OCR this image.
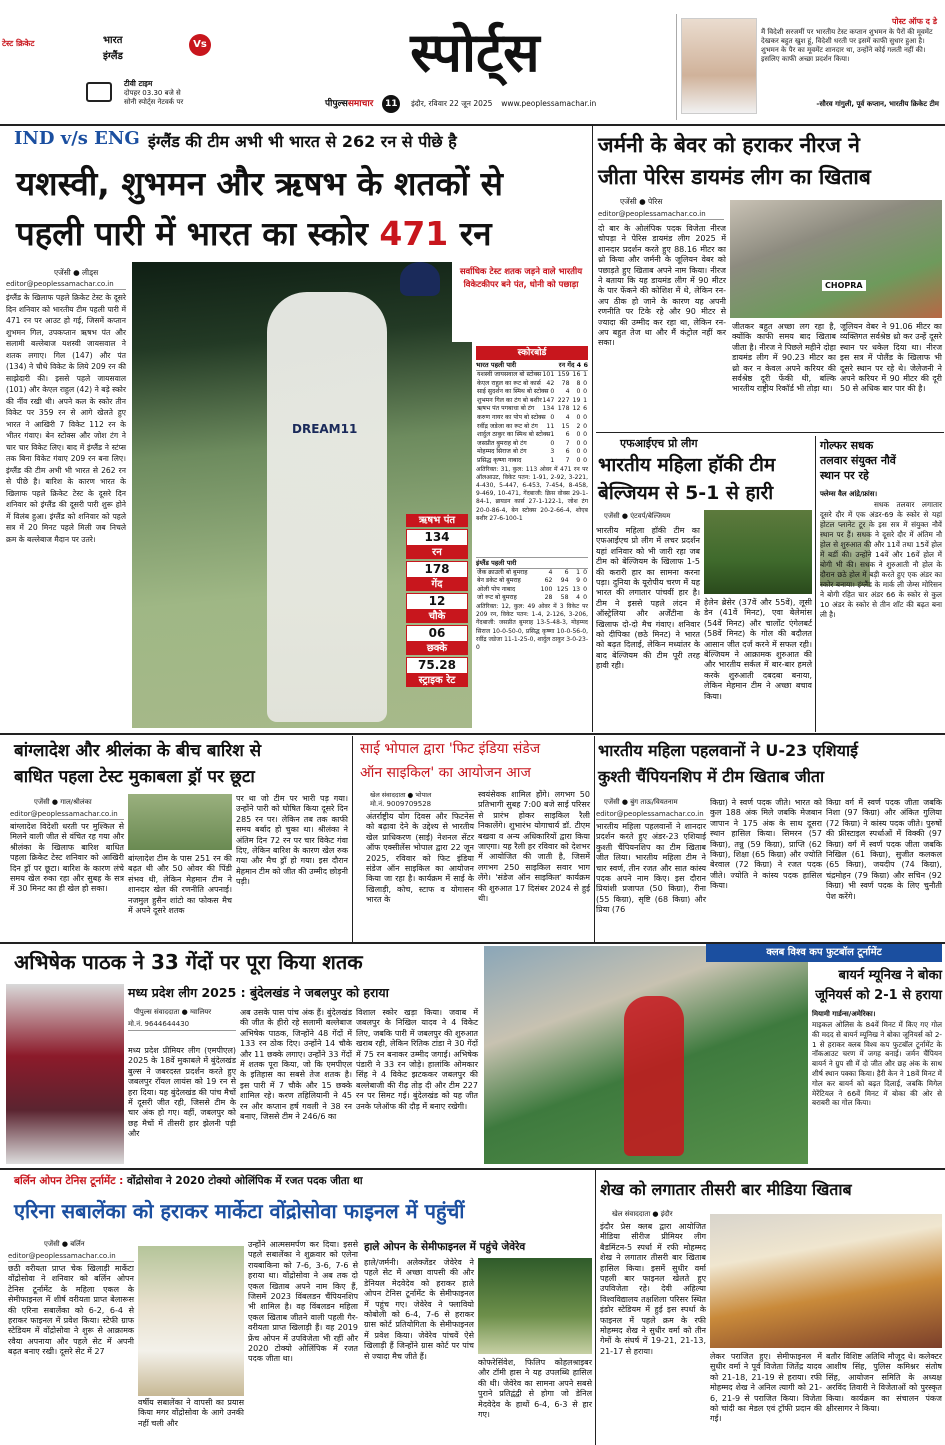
टेस्ट क्रिकेट	भारत
इंग्लैंड
Vs
टीवी टाइम
दोपहर 03.30 बजे से
सोनी स्पोर्ट्स नेटवर्क पर
स्पोर्ट्स
पीपुल्ससमाचार 11 इंदौर, रविवार 22 जून 2025 www.peoplessamachar.in
पोस्ट ऑफ द डे
मैं विदेशी सरजमीं पर भारतीय टेस्ट कप्तान शुभमन के पैरों की मूवमेंट देखकर बहुत खुश हूं, विदेशी धरती पर इसमें काफी सुधार हुआ है। शुभमन के पैर का मूवमेंट शानदार था, उन्होंने कोई गलती नहीं की। इसलिए काफी अच्छा प्रदर्शन किया।
-सौरव गांगुली, पूर्व कप्तान, भारतीय क्रिकेट टीम
IND v/s ENG इंग्लैंड की टीम अभी भी भारत से 262 रन से पीछे है
यशस्वी, शुभमन और ऋषभ के शतकों से
पहली पारी में भारत का स्कोर 471 रन
एजेंसी ● लीड्स
editor@peoplessamachar.co.in
इंग्लैंड के खिलाफ पहले क्रिकेट टेस्ट के दूसरे दिन शनिवार को भारतीय टीम पहली पारी में 471 रन पर आउट हो गई, जिसमें कप्तान शुभमन गिल, उपकप्तान ऋषभ पंत और सलामी बल्लेबाज यशस्वी जायसवाल ने शतक लगाए। गिल (147) और पंत (134) ने चौथे विकेट के लिये 209 रन की साझेदारी की। इससे पहले जायसवाल (101) और केएल राहुल (42) ने बड़े स्कोर की नींव रखी थी। अपने कल के स्कोर तीन विकेट पर 359 रन से आगे खेलते हुए भारत ने आखिरी 7 विकेट 112 रन के भीतर गंवाए। बेन स्टोक्स और जोश टंग ने चार चार विकेट लिए। बाद में इंग्लैंड ने स्टंप्स तक बिना विकेट गंवाए 209 रन बना लिए। इंग्लैंड की टीम अभी भी भारत से 262 रन से पीछे है। बारिश के कारण भारत के खिलाफ पहले क्रिकेट टेस्ट के दूसरे दिन शनिवार को इंग्लैंड की दूसरी पारी शुरू होने में विलंब हुआ। इंग्लैंड को शनिवार को पहले सत्र में 20 मिनट पहले मिली जब निचले क्रम के बल्लेबाज मैदान पर उतरे।
DREAM11
सर्वाधिक टेस्ट शतक जड़ने वाले भारतीय विकेटकीपर बने पंत, धोनी को पछाड़ा
ऋषभ पंत
134
रन
178
गेंद
12
चौके
06
छक्के
75.28
स्ट्राइक रेट
स्कोरबोर्ड
भारत पहली पारी	रन गेंद 4 6
यशस्वी जायसवाल बो स्टोक्स	101	159	16	1
केएल राहुल का रूट बो कार्स	42	78	8	0
साई सुदर्शन का स्मिथ बो स्टोक्स	0	4	0	0
शुभमन गिल का टंग बो बशीर	147	227	19	1
ऋषभ पंत पगबाधा बो टंग	134	178	12	6
करुण नायर का पोप बो स्टोक्स	0	4	0	0
रवींद्र जडेजा का रूट बो टंग	11	15	2	0
शार्दुल ठाकुर का स्मिथ बो स्टोक्स	1	6	0	0
जसप्रीत बुमराह बो टंग	0	7	0	0
मोहम्मद सिराज बो टंग	3	6	0	0
प्रसिद्ध कृष्णा नाबाद	1	7	0	0
अतिरिक्त: 31, कुल: 113 ओवर में 471 रन पर ऑलआउट, विकेट पतन: 1-91, 2-92, 3-221, 4-430, 5-447, 6-453, 7-454, 8-458, 9-469, 10-471, गेंदबाजी: क्रिस वोक्स 29-1-84-1, ब्रायडन कार्स 27-1-122-1, जोश टंग 20-0-86-4, बेन स्टोक्स 20-2-66-4, शोएब बशीर 27-6-100-1
इंग्लैंड पहली पारी
जैक क्राउली बो बुमराह	4	6	1	0
बेन डकेट बो बुमराह	62	94	9	0
ओली पोप नाबाद	100	125	13	0
जो रूट बो बुमराह	28	58	4	0
अतिरिक्त: 12, कुल: 49 ओवर में 3 विकेट पर 209 रन, विकेट पतन: 1-4, 2-126, 3-206, गेंदबाजी: जसप्रीत बुमराह 13-5-48-3, मोहम्मद सिराज 10-0-50-0, प्रसिद्ध कृष्णा 10-0-56-0, रवींद्र जडेजा 11-1-25-0, शार्दुल ठाकुर 3-0-23-0
जर्मनी के बेवर को हराकर नीरज ने
जीता पेरिस डायमंड लीग का खिताब
एजेंसी ● पेरिस
editor@peoplessamachar.co.in
दो बार के ओलंपिक पदक विजेता नीरज चोपड़ा ने पेरिस डायमंड लीग 2025 में शानदार प्रदर्शन करते हुए 88.16 मीटर का थ्रो किया और जर्मनी के जूलियन वेबर को पछाड़ते हुए खिताब अपने नाम किया। नीरज ने बताया कि यह डायमंड लीग में 90 मीटर के पार फेंकने की कोशिश में थे, लेकिन रन-अप ठीक हो जाने के कारण यह अपनी रणनीति पर टिके रहे और 90 मीटर से ज्यादा की उम्मीद कर रहा था, लेकिन रन-अप बहुत तेज था और मैं कंट्रोल नहीं कर सका।
CHOPRA
जीतकर बहुत अच्छा लग रहा है, क्योंकि काफी समय बाद खिताब जीता है। नीरज ने पिछले महीने दोहा डायमंड लीग में 90.23 मीटर का थ्रो कर न केवल अपने करियर की सर्वश्रेष्ठ दूरी फेंकी थी, बल्कि भारतीय राष्ट्रीय रिकॉर्ड भी तोड़ा था।
जूलियन वेबर ने 91.06 मीटर का व्यक्तिगत सर्वश्रेष्ठ थ्रो कर उन्हें दूसरे स्थान पर धकेल दिया था। नीरज इस सत्र में पोलैंड के खिलाफ भी दूसरे स्थान पर रहे थे। जेलेजनी ने अपने करियर में 90 मीटर की दूरी 50 से अधिक बार पार की है।
एफआईएच प्रो लीग
भारतीय महिला हॉकी टीम
बेल्जियम से 5-1 से हारी
एजेंसी ● एंटवर्प/बेल्जियम
भारतीय महिला हॉकी टीम का एफआईएच प्रो लीग में लचर प्रदर्शन यहां शनिवार को भी जारी रहा जब टीम को बेल्जियम के खिलाफ 1-5 की करारी हार का सामना करना पड़ा। दुनिया के यूरोपीय चरण में यह भारत की लगातार पांचवीं हार है। टीम ने इससे पहले लंदन में ऑस्ट्रेलिया और अर्जेंटीना के खिलाफ दो-दो मैच गंवाए। शनिवार को दीपिका (छठे मिनट) ने भारत को बढ़त दिलाई, लेकिन मध्यांतर के बाद बेल्जियम की टीम पूरी तरह हावी रही।
हेलेन ब्रेसेर (37वें और 55वें), लूसी डेन (41वें मिनट), एवा बेलेमांस (54वें मिनट) और चार्लोट एंगेलबर्ट (58वें मिनट) के गोल की बदौलत आसान जीत दर्ज करने में सफल रही। बेल्जियम ने आक्रामक शुरुआत की और भारतीय सर्कल में बार-बार हमले करके शुरुआती दबदबा बनाया, लेकिन मेहमान टीम ने अच्छा बचाव किया।
गोल्फर सधक
तलवार संयुक्त नौवें
स्थान पर रहे
फ्लेम्स वैल आंद्रे/फ्रांस।
सधक तलवार लगातार दूसरे दौर में एक अंडर-69 के स्कोर से यहां होटल प्लानेट टूर के इस सत्र में संयुक्त नौवें स्थान पर हैं। सधक ने दूसरे दौर में अंतिम नौ होल से शुरुआत की और 11वें तथा 15वें होल में बर्डी की। उन्होंने 14वें और 16वें होल में बोगी भी की। सधक ने शुरुआती नौ होल के दौरान छठे होल में बड़ी करते हुए एक अंडर का स्कोर बनाया। इंग्लैंड के मार्क ली जेम्स मोरिसन ने बोगी रहित चार अंडर 66 के स्कोर से कुल 10 अंडर के स्कोर से तीन शॉट की बढ़त बना ली है।
बांग्लादेश और श्रीलंका के बीच बारिश से
बाधित पहला टेस्ट मुकाबला ड्रॉ पर छूटा
एजेंसी ● गाल/श्रीलंका
editor@peoplessamachar.co.in
बांग्लादेश विदेशी धरती पर मुश्किल से मिलने वाली जीत से वंचित रह गया और श्रीलंका के खिलाफ बारिश बाधित पहला क्रिकेट टेस्ट शनिवार को आखिरी दिन ड्रॉ पर छूटा। बारिश के कारण लंचे समय खेल रुका रहा और सुबह के सत्र में 30 मिनट का ही खेल हो सका।
बांग्लादेश टीम के पास 251 रन की बढ़त थी और 50 ओवर की पिंडी संभव थी, लेकिन मेहमान टीम ने शानदार खेल की रणनीति अपनाई। नजमुल हुसैन शांटो का फोकस मैच में अपने दूसरे शतक
पर था जो टीम पर भारी पड़ गया। उन्होंने पारी को घोषित किया दूसरे दिन 285 रन पर। लेकिन तब तक काफी समय बर्बाद हो चुका था। श्रीलंका ने अंतिम दिन 72 रन पर चार विकेट गंवा दिए, लेकिन बारिश के कारण खेल रुक गया और मैच ड्रॉ हो गया। इस दौरान मेहमान टीम को जीत की उम्मीद छोड़नी पड़ी।
साई भोपाल द्वारा 'फिट इंडिया संडेज
ऑन साइकिल' का आयोजन आज
खेल संवाददाता ● भोपाल
मो.नं. 9009709528
अंतर्राष्ट्रीय योग दिवस और फिटनेस को बढ़ावा देने के उद्देश्य से भारतीय खेल प्राधिकरण (साई) नेशनल सेंटर ऑफ एक्सीलेंस भोपाल द्वारा 22 जून 2025, रविवार को फिट इंडिया संडेज ऑन साइकिल का आयोजन किया जा रहा है। कार्यक्रम में साई के खिलाड़ी, कोच, स्टाफ व योगासन भारत के
स्वयंसेवक शामिल होंगे। लगभग 50 प्रतिभागी सुबह 7:00 बजे साई परिसर से प्रारंभ होकर साइकिल रैली निकालेंगे। शुभारंभ योगाचार्य डॉ. टीएम बखवा व अन्य अधिकारियों द्वारा किया जाएगा। यह रैली हर रविवार को देशभर में आयोजित की जाती है, जिसमें लगभग 250 साइकिल सवार भाग लेंगे। 'संडेज ऑन साइकिल' कार्यक्रम की शुरुआत 17 दिसंबर 2024 से हुई थी।
भारतीय महिला पहलवानों ने U-23 एशियाई
कुश्ती चैंपियनशिप में टीम खिताब जीता
एजेंसी ● बुंग ताऊ/वियतनाम
editor@peoplessamachar.co.in
भारतीय महिला पहलवानों ने शानदार प्रदर्शन करते हुए अंडर-23 एशियाई कुश्ती चैंपियनशिप का टीम खिताब जीत लिया। भारतीय महिला टीम ने चार स्वर्ण, तीन रजत और सात कांस्य पदक अपने नाम किए। इस दौरान प्रियांशी प्रजापत (50 किग्रा), रीना (55 किग्रा), सृष्टि (68 किग्रा) और प्रिया (76
किग्रा) ने स्वर्ण पदक जीते। भारत को कुल 188 अंक मिले जबकि मेजबान जापान ने 175 अंक के साथ दूसरा स्थान हासिल किया। सिमरन (57 किग्रा), तन्नु (59 किग्रा), प्राप्ति (62 किग्रा), शिक्षा (65 किग्रा) और ज्योति बेरवाल (72 किग्रा) ने रजत पदक जीते। ज्योति ने कांस्य पदक हासिल किया।
किग्रा वर्ग में स्वर्ण पदक जीता जबकि निशा (97 किग्रा) और अंकित गुलिया (72 किग्रा) ने कांस्य पदक जीते। पुरुषों की फ्रीस्टाइल स्पर्धाओं में विक्की (97 किग्रा) वर्ग में स्वर्ण पदक जीता जबकि निखिल (61 किग्रा), सुजीत कलकल (65 किग्रा), जयदीप (74 किग्रा), चंद्रमोहन (79 किग्रा) और सचिन (92 किग्रा) भी स्वर्ण पदक के लिए चुनौती पेश करेंगे।
अभिषेक पाठक ने 33 गेंदों पर पूरा किया शतक
मध्य प्रदेश लीग 2025 : बुंदेलखंड ने जबलपुर को हराया
पीपुल्स संवाददाता ● ग्वालियर
मो.नं. 9644644430
मध्य प्रदेश प्रीमियर लीग (एमपीएल) 2025 के 18वें मुकाबले में बुंदेलखंड बुल्स ने जबरदस्त प्रदर्शन करते हुए जबलपुर रॉयल लायंस को 19 रन से हरा दिया। यह बुंदेलखंड की पांच मैचों में दूसरी जीत रही, जिससे टीम के चार अंक हो गए। वहीं, जबलपुर को छह मैचों में तीसरी हार झेलनी पड़ी और
अब उसके पास पांच अंक हैं। बुंदेलखंड की जीत के हीरो रहे सलामी बल्लेबाज अभिषेक पाठक, जिन्होंने 48 गेंदों में 133 रन ठोक दिए। उन्होंने 14 चौके और 11 छक्के लगाए। उन्होंने 33 गेंदों में शतक पूरा किया, जो कि एमपीएल के इतिहास का सबसे तेज शतक है। इस पारी में 7 चौके और 15 छक्के शामिल रहे। करण तहिलियानी ने 45 रन और कप्तान हर्ष गवली ने 38 रन बनाए, जिससे टीम ने 246/6 का
विशाल स्कोर खड़ा किया। जवाब में जबलपुर के निखिल यादव ने 4 विकेट लिए, जबकि पारी में जबलपुर की शुरुआत खराब रही, लेकिन रितिक टांडा ने 30 गेंदों में 75 रन बनाकर उम्मीद जगाई। अभिषेक पंडारी ने 33 रन जोड़े। हालांकि ओमकार सिंह ने 4 विकेट झटककर जबलपुर की बल्लेबाजी की रीढ़ तोड़ दी और टीम 227 रन पर सिमट गई। बुंदेलखंड को यह जीत उनके प्लेऑफ की दौड़ में बनाए रखेगी।
क्लब विश्व कप फुटबॉल टूर्नामेंट
बायर्न म्यूनिख ने बोका
जूनियर्स को 2-1 से हराया
मियामी गार्डन्स/अमेरिका।
माइकल ओलिस के 84वें मिनट में किए गए गोल की मदद से बायर्न म्यूनिख ने बोका जूनियर्स को 2-1 से हराकर क्लब विश्व कप फुटबॉल टूर्नामेंट के नॉकआउट चरण में जगह बनाई। जर्मन चैंपियन बायर्न ने ग्रुप सी में दो जीत और छह अंक के साथ शीर्ष स्थान पक्का किया। हैरी केन ने 18वें मिनट में गोल कर बायर्न को बढ़त दिलाई, जबकि मिगेल मेरेंटियल ने 66वें मिनट में बोका की ओर से बराबरी का गोल किया।
बर्लिन ओपन टेनिस टूर्नामेंट : वोंद्रोसोवा ने 2020 टोक्यो ओलिंपिक में रजत पदक जीता था
एरिना सबालेंका को हराकर मार्केटा वोंद्रोसोवा फाइनल में पहुंचीं
एजेंसी ● बर्लिन
editor@peoplessamachar.co.in
छठी वरीयता प्राप्त चेक खिलाड़ी मार्केटा वोंद्रोसोवा ने शनिवार को बर्लिन ओपन टेनिस टूर्नामेंट के महिला एकल के सेमीफाइनल में शीर्ष वरीयता प्राप्त बेलारूस की एरिना सबालेंका को 6-2, 6-4 से हराकर फाइनल में प्रवेश किया। स्टेफी ग्राफ स्टेडियम में वोंद्रोसोवा ने शुरू से आक्रामक रवैया अपनाया और पहले सेट में अपनी बढ़त बनाए रखी। दूसरे सेट में 27
वर्षीय सबालेंका ने वापसी का प्रयास किया मगर वोंद्रोसोवा के आगे उनकी नहीं चली और
उन्होंने आत्मसमर्पण कर दिया। इससे पहले सबालेंका ने शुक्रवार को एलेना रायबाकिना को 7-6, 3-6, 7-6 से हराया था। वोंद्रोसोवा ने अब तक दो एकल खिताब अपने नाम किए हैं, जिसमें 2023 विंबलडन चैंपियनशिप भी शामिल है। वह विंबलडन महिला एकल खिताब जीतने वाली पहली गैर-वरीयता प्राप्त खिलाड़ी हैं। वह 2019 फ्रेंच ओपन में उपविजेता भी रहीं और 2020 टोक्यो ओलिंपिक में रजत पदक जीता था।
हाले ओपन के सेमीफाइनल में पहुंचे जेवेरेव
हाले/जर्मनी। अलेक्जेंडर जेवेरेव ने पहले सेट में अच्छा वापसी की और डेनियल मेदवेदेव को हराकर हाले ओपन टेनिस टूर्नामेंट के सेमीफाइनल में पहुंच गए। जेवेरेव ने फ्लावियो कोबोली को 6-4, 7-6 से हराकर ग्रास कोर्ट प्रतियोगिता के सेमीफाइनल में प्रवेश किया। जेवेरेव पांचवें ऐसे खिलाड़ी हैं जिन्होंने ग्रास कोर्ट पर पांच से ज्यादा मैच जीते हैं।
कोफरेसिंवेश, फिलिप कोहलश्राइबर और टॉमी हास ने यह उपलब्धि हासिल की थी। जेवेरेव का सामना अपने सबसे पुराने प्रतिद्वंद्वी से होगा जो डेनिल मेदवेदेव के हाथों 6-4, 6-3 से हार गए।
शेख को लगातार तीसरी बार मीडिया खिताब
खेल संवाददाता ● इंदौर
इंदौर प्रेस क्लब द्वारा आयोजित मीडिया सीरीज प्रीमियर लीग बैडमिंटन-5 स्पर्धा में रफी मोहम्मद शेख ने लगातार तीसरी बार खिताब हासिल किया। इसमें सुधीर वर्मा पहली बार फाइनल खेलते हुए उपविजेता रहे। देवी अहिल्या विश्वविद्यालय तक्षशिला परिसर स्थित इंडोर स्टेडियम में हुई इस स्पर्धा के फाइनल में पहले क्रम के रफी मोहम्मद शेख ने सुधीर वर्मा को तीन गेमों के संघर्ष में 19-21, 21-13, 21-17 से हराया।
लेकर पराजित हुए। सेमीफाइनल में सुधीर वर्मा ने पूर्व विजेता जितेंद्र यादव को 21-18, 21-19 से हराया। रफी मोहम्मद शेख ने अनिल त्यागी को 21-6, 21-9 से पराजित किया। विजेता को चांदी का मेडल एवं ट्रॉफी प्रदान की गई।
बतौर विशिष्ट अतिथि मौजूद थे। कलेक्टर आशीष सिंह, पुलिस कमिश्नर संतोष सिंह, आयोजन समिति के अध्यक्ष अरविंद तिवारी ने विजेताओं को पुरस्कृत किया। कार्यक्रम का संचालन पंकज क्षीरसागर ने किया।
